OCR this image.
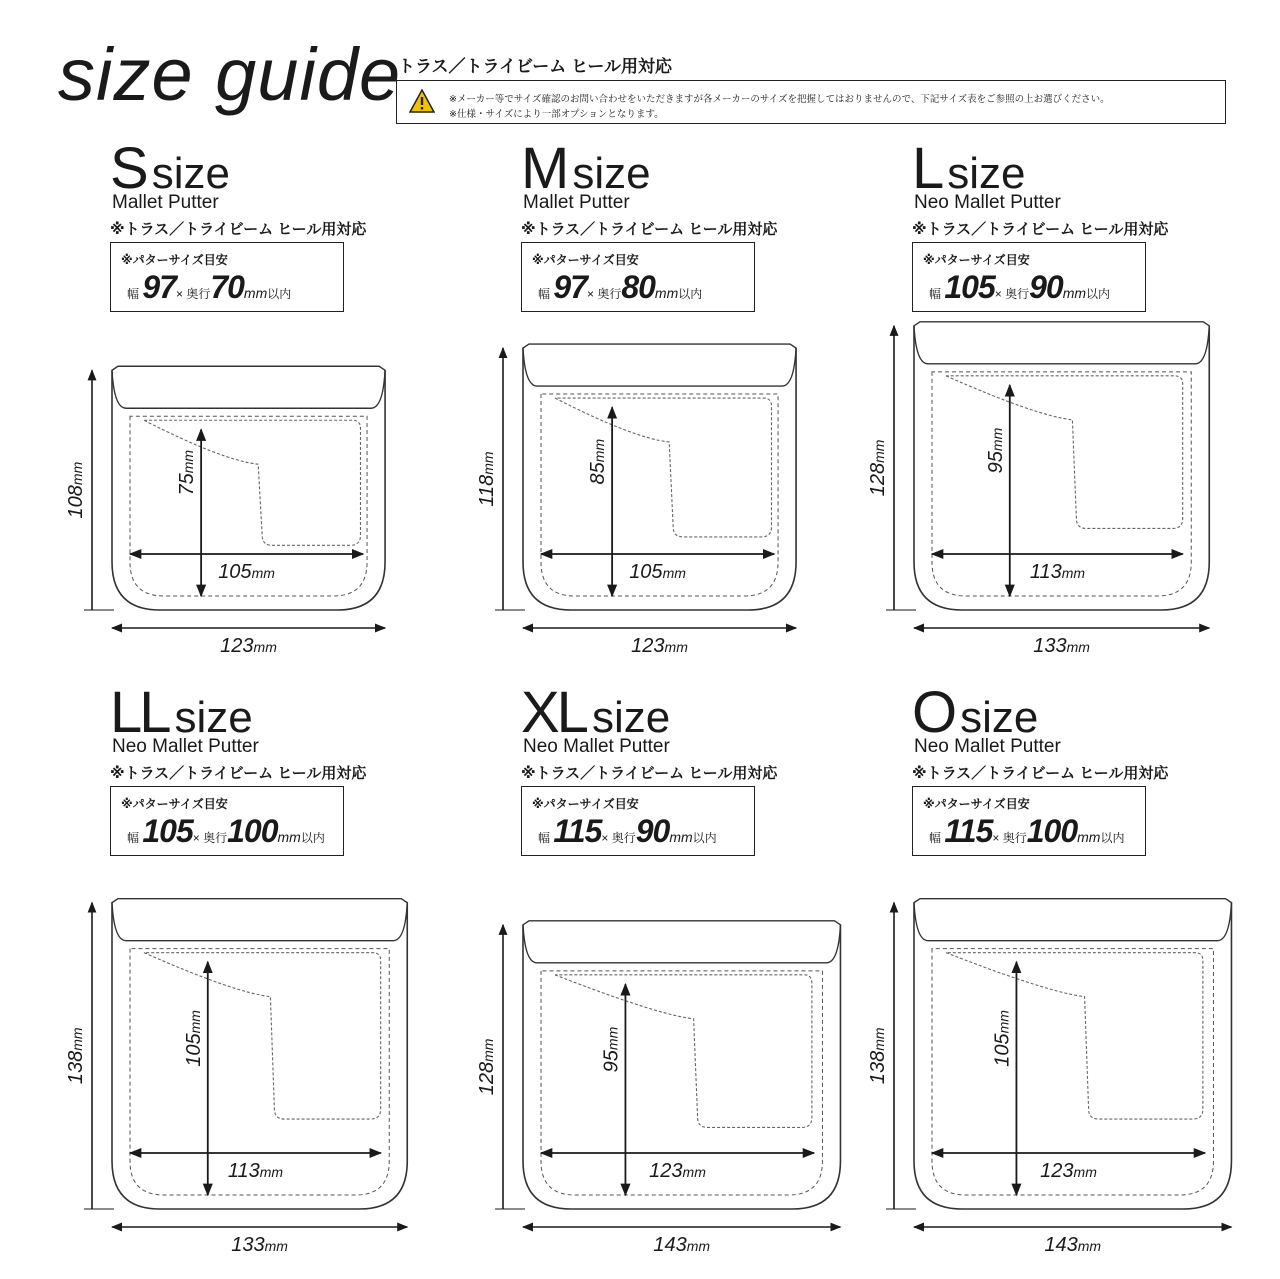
size guide
トラス／トライビーム ヒール用対応
※メーカー等でサイズ確認のお問い合わせをいただきますが各メーカーのサイズを把握してはおりませんので、下記サイズ表をご参照の上お選びください。
※仕様・サイズにより一部オプションとなります。
S size
Mallet Putter
※トラス／トライビーム ヒール用対応
※パターサイズ目安
幅 97× 奥行70mm以内
108mm
123mm
105mm
75mm
M size
Mallet Putter
※トラス／トライビーム ヒール用対応
※パターサイズ目安
幅 97× 奥行80mm以内
118mm
123mm
105mm
85mm
L size
Neo Mallet Putter
※トラス／トライビーム ヒール用対応
※パターサイズ目安
幅 105× 奥行90mm以内
128mm
133mm
113mm
95mm
LL size
Neo Mallet Putter
※トラス／トライビーム ヒール用対応
※パターサイズ目安
幅 105× 奥行100mm以内
138mm
133mm
113mm
105mm
XL size
Neo Mallet Putter
※トラス／トライビーム ヒール用対応
※パターサイズ目安
幅 115× 奥行90mm以内
128mm
143mm
123mm
95mm
O size
Neo Mallet Putter
※トラス／トライビーム ヒール用対応
※パターサイズ目安
幅 115× 奥行100mm以内
138mm
143mm
123mm
105mm
